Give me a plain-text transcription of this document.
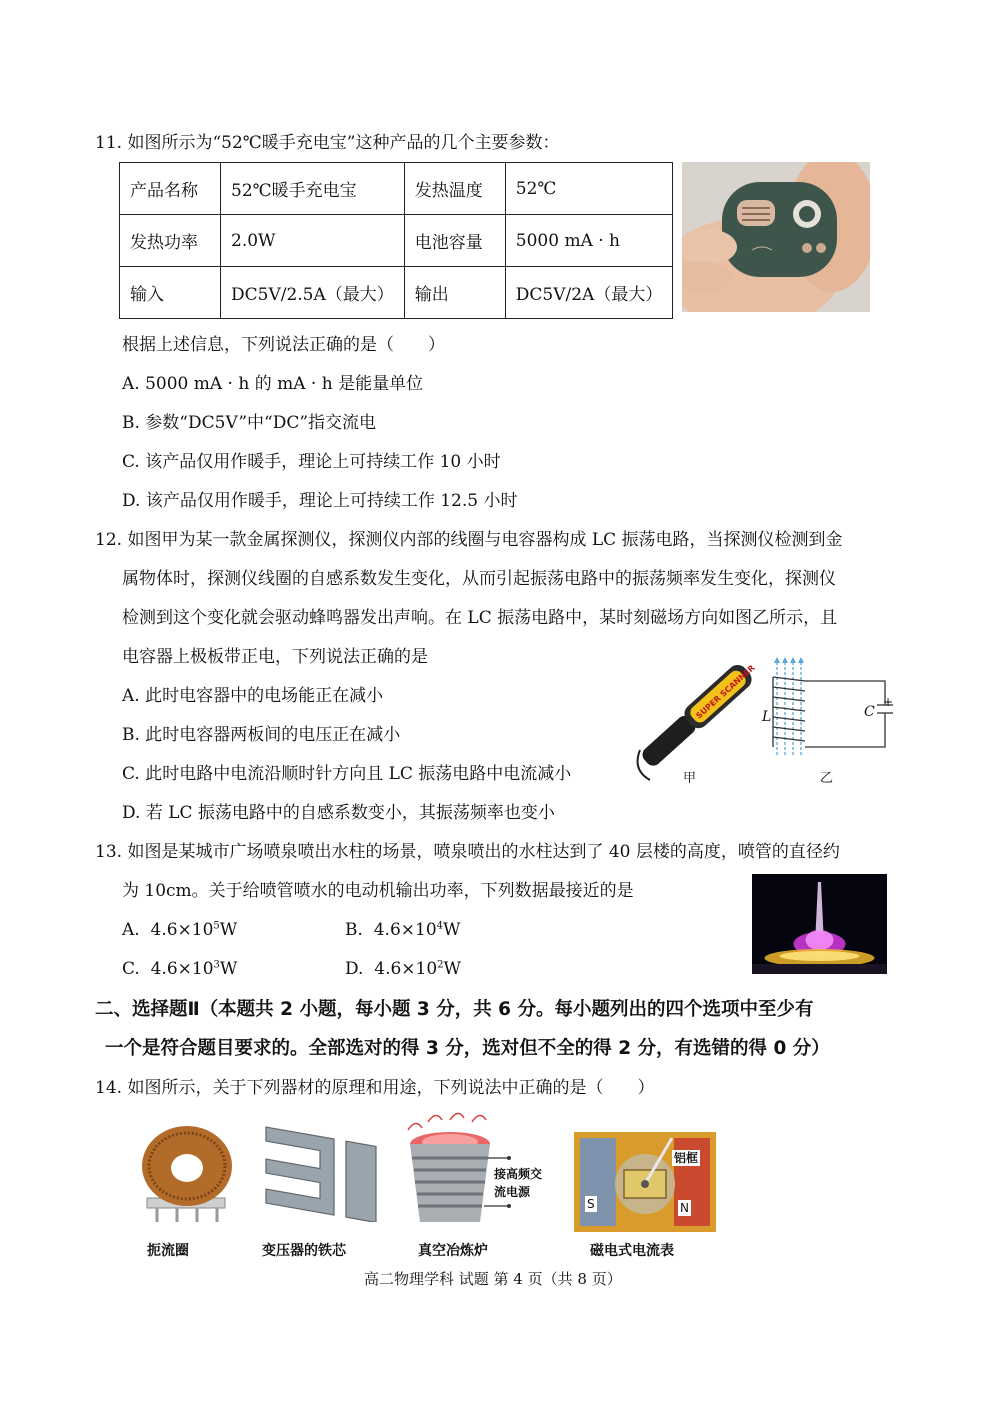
11. 如图所示为“52℃暖手充电宝”这种产品的几个主要参数：
产品名称	52℃暖手充电宝	发热温度	52℃
发热功率	2.0W	电池容量	5000 mA · h
输入	DC5V/2.5A（最大）	输出	DC5V/2A（最大）
根据上述信息，下列说法正确的是（　　）
A. 5000 mA · h 的 mA · h 是能量单位
B. 参数“DC5V”中“DC”指交流电
C. 该产品仅用作暖手，理论上可持续工作 10 小时
D. 该产品仅用作暖手，理论上可持续工作 12.5 小时
12. 如图甲为某一款金属探测仪，探测仪内部的线圈与电容器构成 LC 振荡电路，当探测仪检测到金
属物体时，探测仪线圈的自感系数发生变化，从而引起振荡电路中的振荡频率发生变化，探测仪
检测到这个变化就会驱动蜂鸣器发出声响。在 LC 振荡电路中，某时刻磁场方向如图乙所示，且
电容器上极板带正电，下列说法正确的是
A. 此时电容器中的电场能正在减小
B. 此时电容器两板间的电压正在减小
C. 此时电路中电流沿顺时针方向且 LC 振荡电路中电流减小
D. 若 LC 振荡电路中的自感系数变小，其振荡频率也变小
SUPER SCANNER
甲
L	C
+
乙
13. 如图是某城市广场喷泉喷出水柱的场景，喷泉喷出的水柱达到了 40 层楼的高度，喷管的直径约
为 10cm。关于给喷管喷水的电动机输出功率，下列数据最接近的是
A. $4.6\times 10^5W$	B. $4.6\times 10^4W$
C. $4.6\times 10^3W$	D. $4.6\times 10^2W$
二、选择题Ⅱ（本题共 2 小题，每小题 3 分，共 6 分。每小题列出的四个选项中至少有
一个是符合题目要求的。全部选对的得 3 分，选对但不全的得 2 分，有选错的得 0 分）
14. 如图所示，关于下列器材的原理和用途，下列说法中正确的是（　　）
扼流圈	变压器的铁芯
接高频交
流电源
真空冶炼炉
铝框
S	N
磁电式电流表
高二物理学科 试题 第 4 页（共 8 页）
